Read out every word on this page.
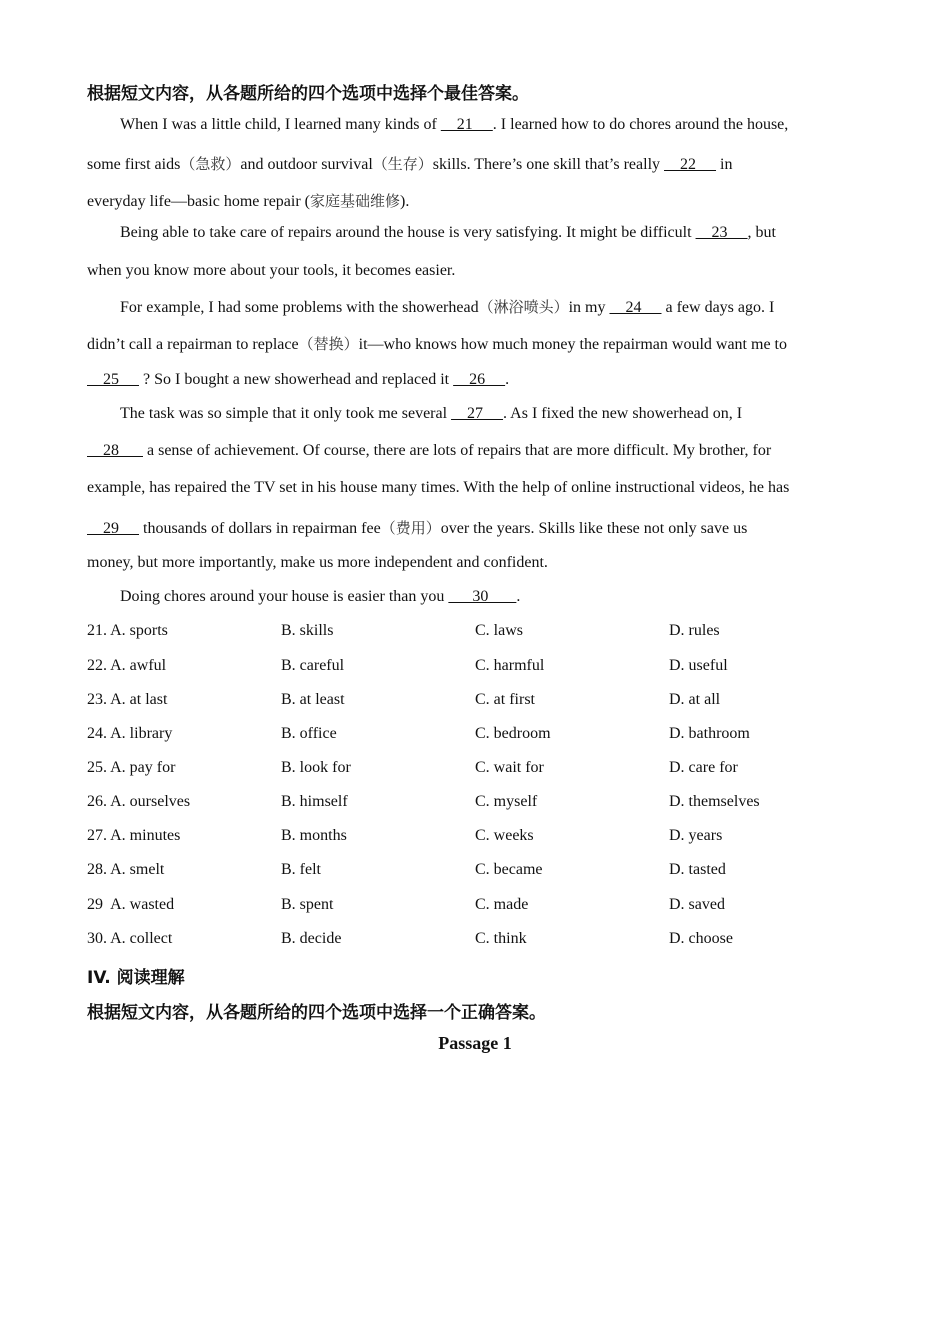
根据短文内容，从各题所给的四个选项中选择个最佳答案。
When I was a little child, I learned many kinds of     21     . I learned how to do chores around the house,
some first aids（急救）and outdoor survival（生存）skills. There’s one skill that’s really     22      in
everyday life—basic home repair (家庭基础维修).
Being able to take care of repairs around the house is very satisfying. It might be difficult     23     , but
when you know more about your tools, it becomes easier.
For example, I had some problems with the showerhead（淋浴喷头）in my     24      a few days ago. I
didn’t call a repairman to replace（替换）it—who knows how much money the repairman would want me to
25      ? So I bought a new showerhead and replaced it     26     .
The task was so simple that it only took me several     27     . As I fixed the new showerhead on, I
28       a sense of achievement. Of course, there are lots of repairs that are more difficult. My brother, for
example, has repaired the TV set in his house many times. With the help of online instructional videos, he has
29      thousands of dollars in repairman fee（费用）over the years. Skills like these not only save us
money, but more importantly, make us more independent and confident.
Doing chores around your house is easier than you       30       .
21. A. sports	B. skills	C. laws	D. rules
22. A. awful	B. careful	C. harmful	D. useful
23. A. at last	B. at least	C. at first	D. at all
24. A. library	B. office	C. bedroom	D. bathroom
25. A. pay for	B. look for	C. wait for	D. care for
26. A. ourselves	B. himself	C. myself	D. themselves
27. A. minutes	B. months	C. weeks	D. years
28. A. smelt	B. felt	C. became	D. tasted
29  A. wasted	B. spent	C. made	D. saved
30. A. collect	B. decide	C. think	D. choose
IV. 阅读理解
根据短文内容，从各题所给的四个选项中选择一个正确答案。
Passage 1
